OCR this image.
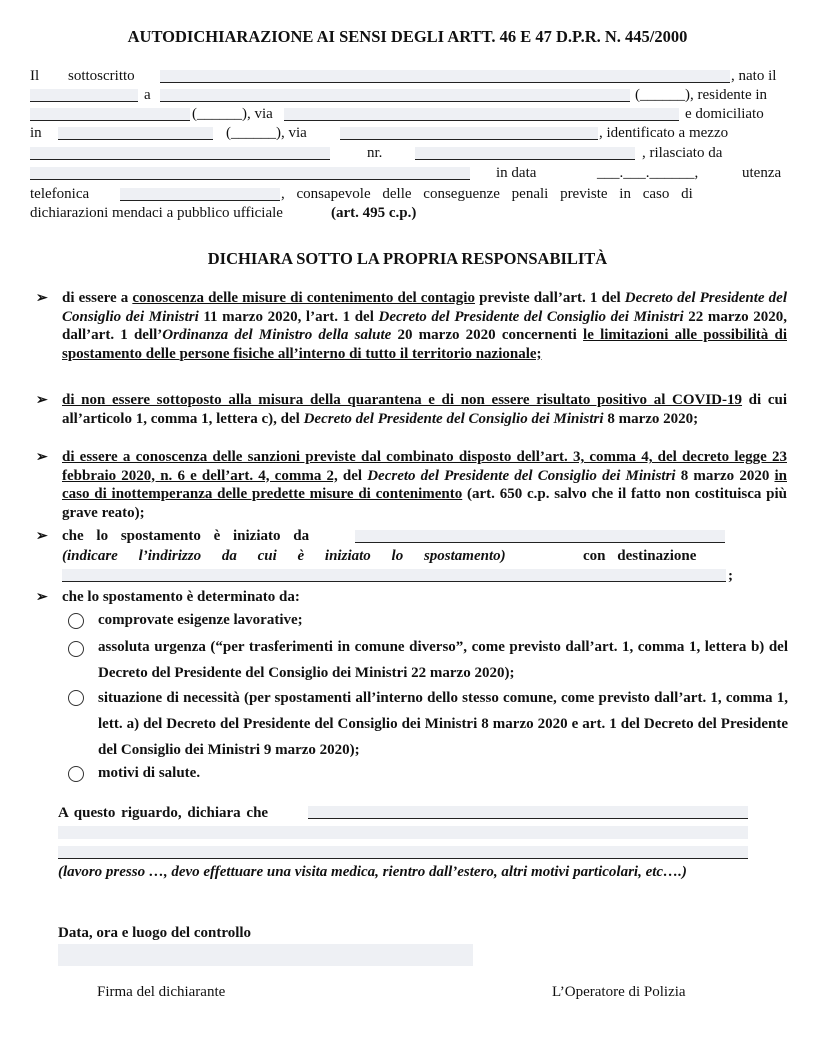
AUTODICHIARAZIONE AI SENSI DEGLI ARTT. 46 E 47 D.P.R. N. 445/2000
Il sottoscritto	, nato il
a	(______), residente in
(______), via	e domiciliato
in	(______), via	, identificato a mezzo
nr.	, rilasciato da
in data	___.___.______,	utenza
telefonica	, consapevole delle conseguenze penali previste in caso di
dichiarazioni mendaci a pubblico ufficiale	(art. 495 c.p.)
DICHIARA SOTTO LA PROPRIA RESPONSABILITÀ
➢ di essere a conoscenza delle misure di contenimento del contagio previste dall’art. 1 del Decreto del Presidente del Consiglio dei Ministri 11 marzo 2020, l’art. 1 del Decreto del Presidente del Consiglio dei Ministri 22 marzo 2020, dall’art. 1 dell’Ordinanza del Ministro della salute 20 marzo 2020 concernenti le limitazioni alle possibilità di spostamento delle persone fisiche all’interno di tutto il territorio nazionale;
➢ di non essere sottoposto alla misura della quarantena e di non essere risultato positivo al COVID-19 di cui all’articolo 1, comma 1, lettera c), del Decreto del Presidente del Consiglio dei Ministri 8 marzo 2020;
➢ di essere a conoscenza delle sanzioni previste dal combinato disposto dell’art. 3, comma 4, del decreto legge 23 febbraio 2020, n. 6 e dell’art. 4, comma 2, del Decreto del Presidente del Consiglio dei Ministri 8 marzo 2020 in caso di inottemperanza delle predette misure di contenimento (art. 650 c.p. salvo che il fatto non costituisca più grave reato);
➢ che lo spostamento è iniziato da
(indicare l’indirizzo da cui è iniziato lo spostamento)	con destinazione
;
➢ che lo spostamento è determinato da:
comprovate esigenze lavorative;
assoluta urgenza (“per trasferimenti in comune diverso”, come previsto dall’art. 1, comma 1, lettera b) del Decreto del Presidente del Consiglio dei Ministri 22 marzo 2020);
situazione di necessità (per spostamenti all’interno dello stesso comune, come previsto dall’art. 1, comma 1, lett. a) del Decreto del Presidente del Consiglio dei Ministri 8 marzo 2020 e art. 1 del Decreto del Presidente del Consiglio dei Ministri 9 marzo 2020);
motivi di salute.
A questo riguardo, dichiara che
(lavoro presso …, devo effettuare una visita medica, rientro dall’estero, altri motivi particolari, etc….)
Data, ora e luogo del controllo
Firma del dichiarante	L’Operatore di Polizia
